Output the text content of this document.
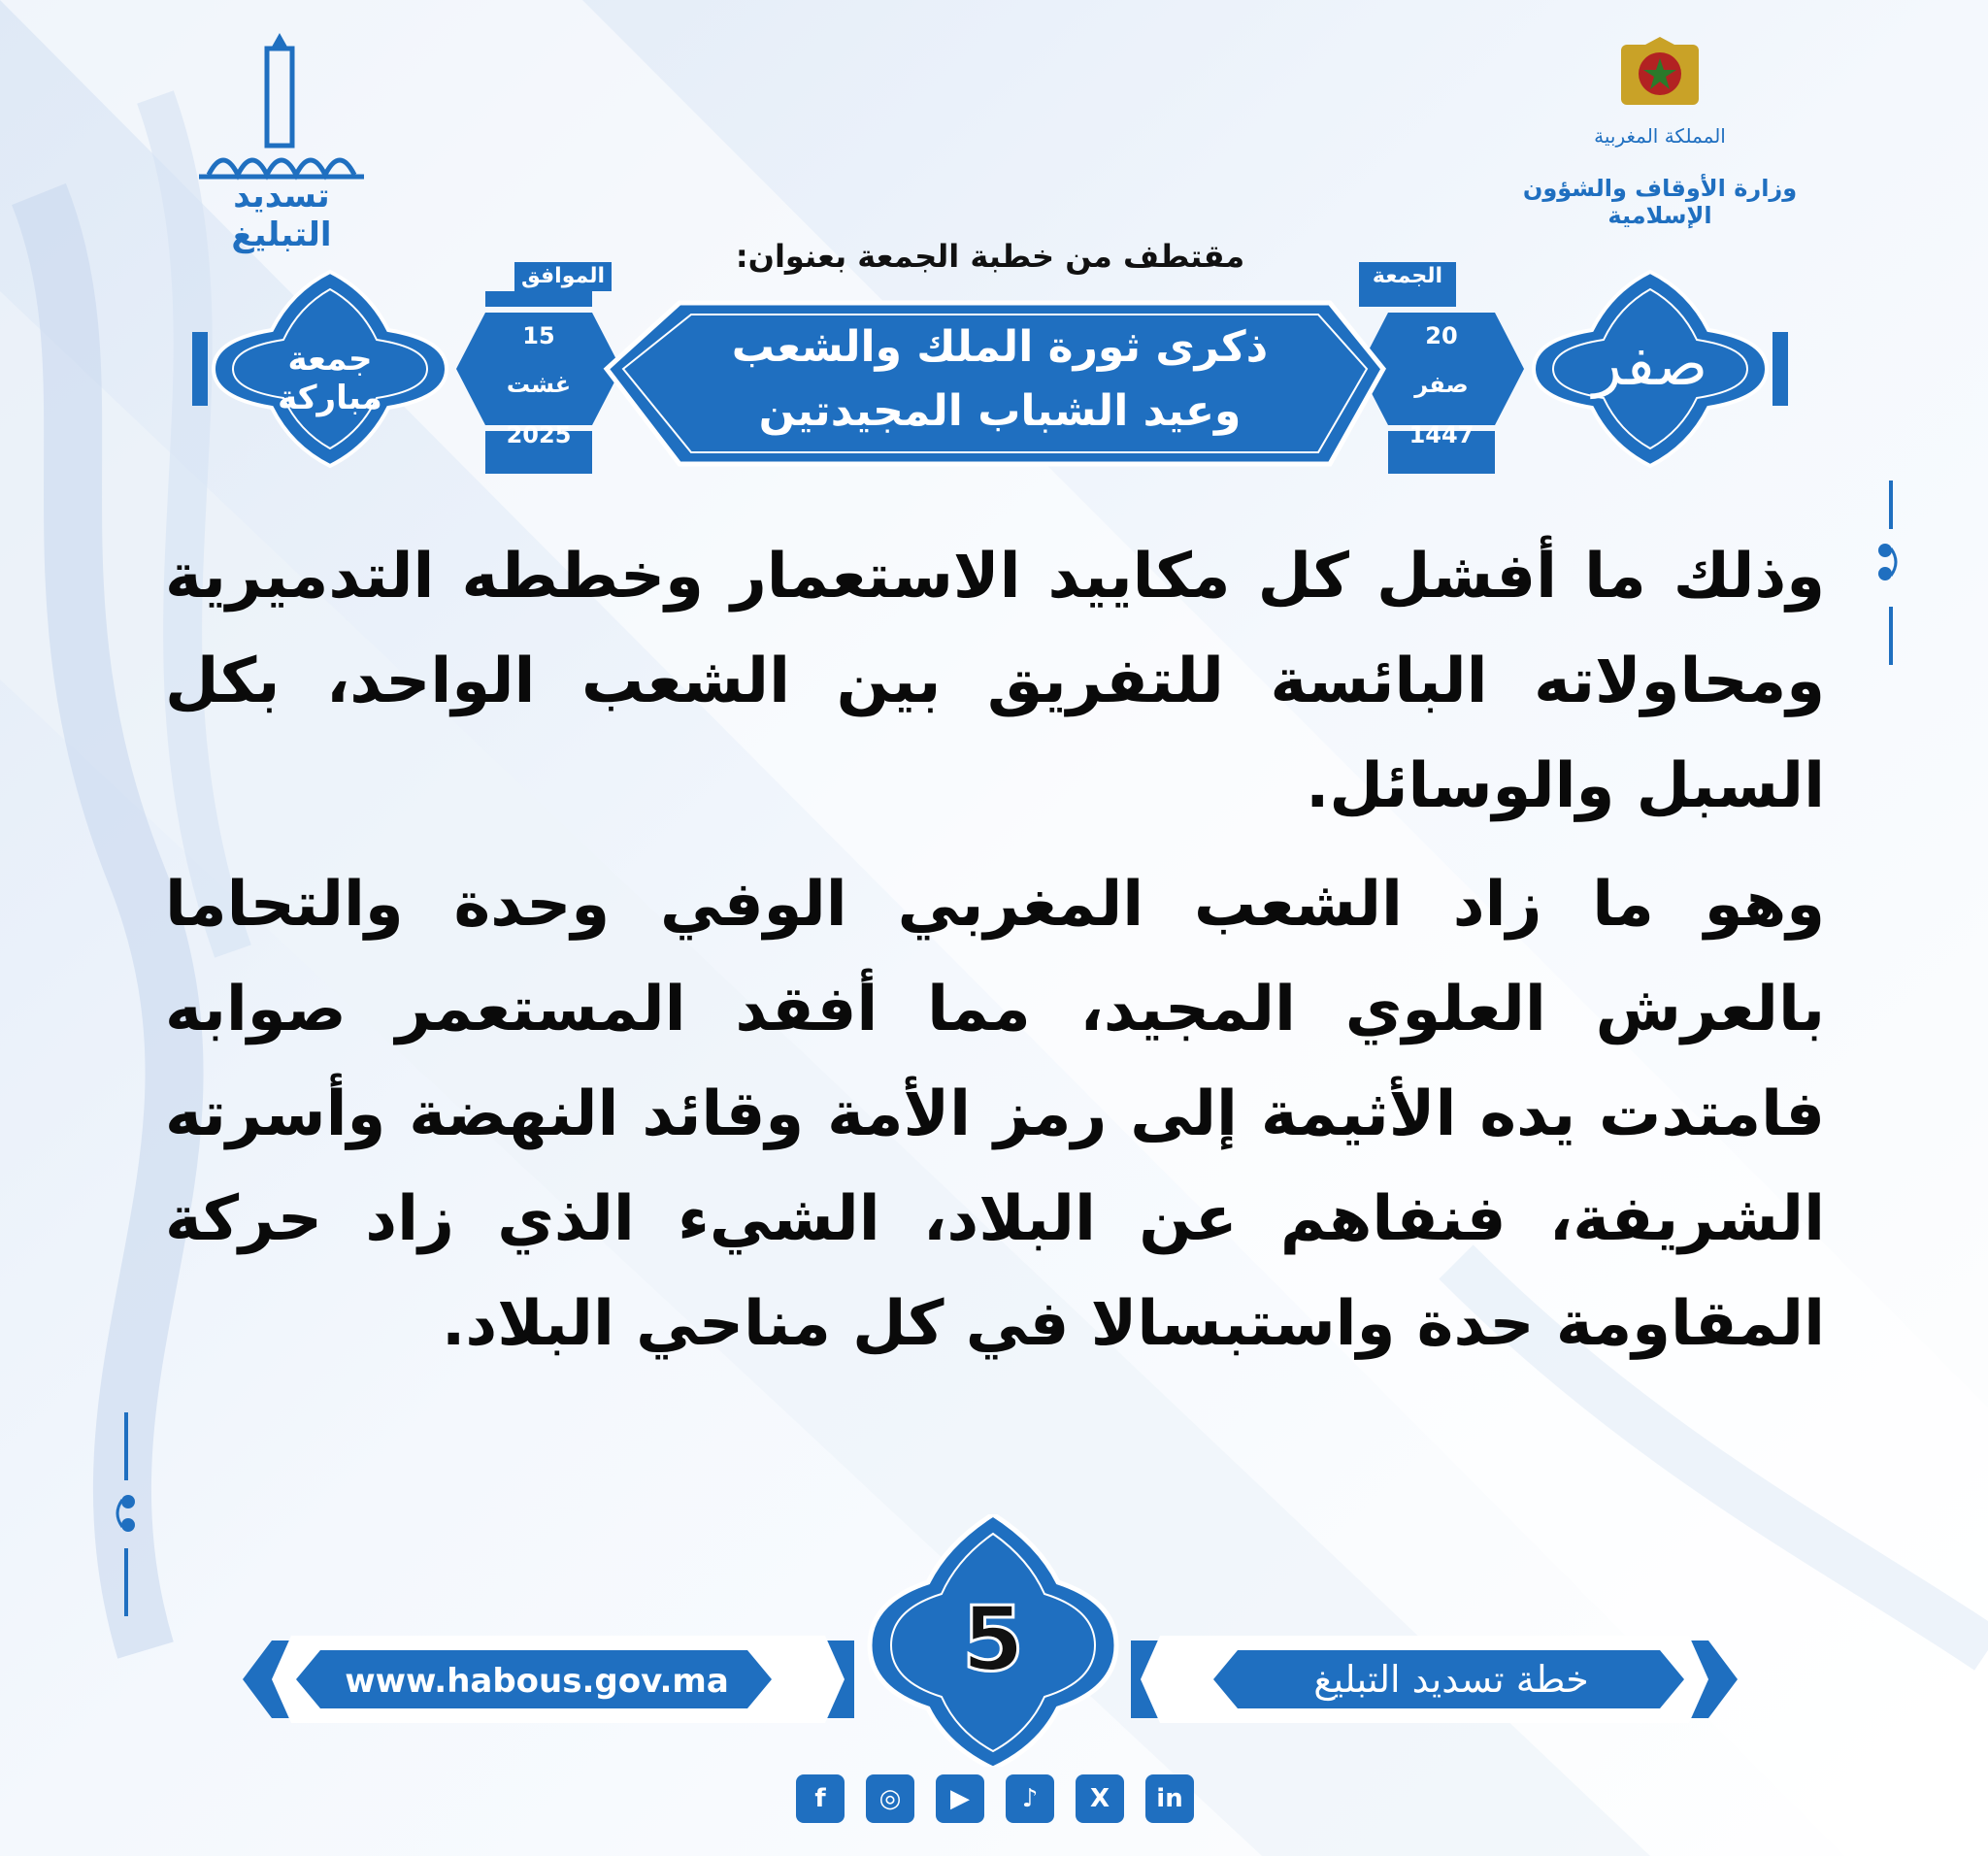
تسديد التبليغ
المملكة المغربية
وزارة الأوقاف والشؤون الإسلامية
مقتطف من خطبة الجمعة بعنوان:
جمعة مباركة	صفر
الموافق
15
غشت
2025
الجمعة
20
صفر
1447
ذكرى ثورة الملك والشعب
وعيد الشباب المجيدتين

وذلك ما أفشل كل مكاييد الاستعمار وخططه التدميرية ومحاولاته البائسة للتفريق بين الشعب الواحد، بكل السبل والوسائل.

وهو ما زاد الشعب المغربي الوفي وحدة والتحاما بالعرش العلوي المجيد، مما أفقد المستعمر صوابه فامتدت يده الأثيمة إلى رمز الأمة وقائد النهضة وأسرته الشريفة، فنفاهم عن البلاد، الشيء الذي زاد حركة المقاومة حدة واستبسالا في كل مناحي البلاد.

www.habous.gov.ma	خطة تسديد التبليغ
5
f	◎	▶	♪	X	in
